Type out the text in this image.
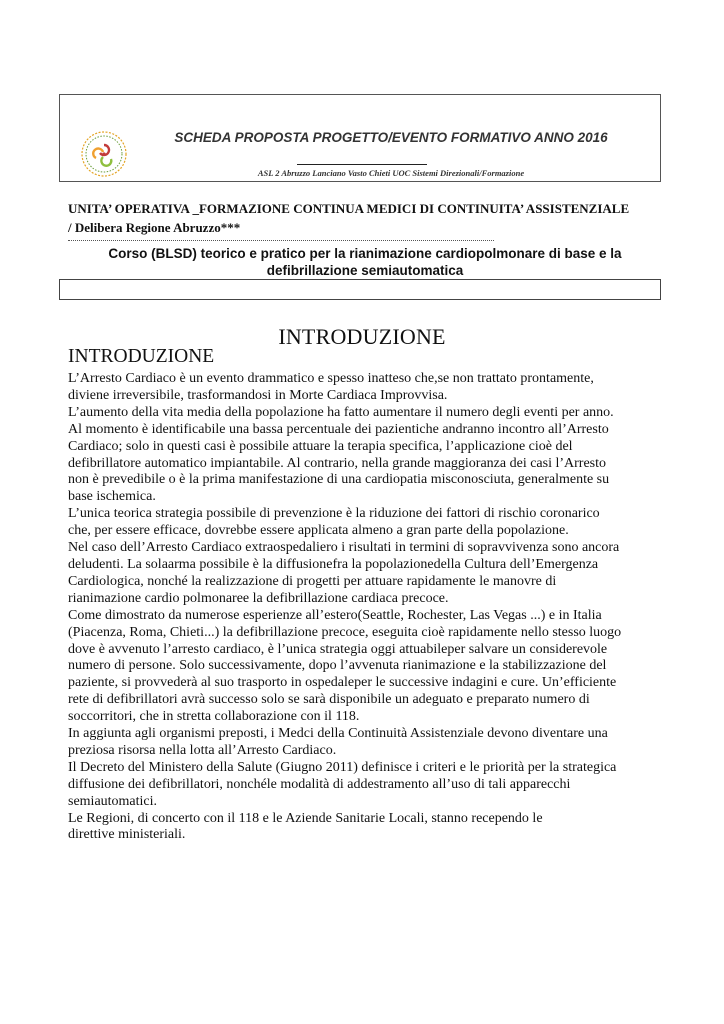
SCHEDA PROPOSTA PROGETTO/EVENTO FORMATIVO ANNO 2016
ASL 2 Abruzzo Lanciano Vasto Chieti UOC Sistemi Direzionali/Formazione
UNITA’ OPERATIVA _FORMAZIONE CONTINUA MEDICI DI CONTINUITA’ ASSISTENZIALE
/ Delibera Regione Abruzzo***
Corso (BLSD) teorico e pratico per la rianimazione cardiopolmonare di base e la
defibrillazione semiautomatica
INTRODUZIONE
INTRODUZIONE
L’Arresto Cardiaco è un evento drammatico e spesso inatteso che,se non trattato prontamente,
diviene irreversibile, trasformandosi in Morte Cardiaca Improvvisa.
L’aumento della vita media della popolazione ha fatto aumentare il numero degli eventi per anno.
Al momento è identificabile una bassa percentuale dei pazientiche andranno incontro all’Arresto
Cardiaco; solo in questi casi è possibile attuare la terapia specifica, l’applicazione cioè del
defibrillatore automatico impiantabile. Al contrario, nella grande maggioranza dei casi l’Arresto
non è prevedibile o è la prima manifestazione di una cardiopatia misconosciuta, generalmente su
base ischemica.
L’unica teorica strategia possibile di prevenzione è la riduzione dei fattori di rischio coronarico
che, per essere efficace, dovrebbe essere applicata almeno a gran parte della popolazione.
Nel caso dell’Arresto Cardiaco extraospedaliero i risultati in termini di sopravvivenza sono ancora
deludenti. La solaarma possibile è la diffusionefra la popolazionedella Cultura dell’Emergenza
Cardiologica, nonché la realizzazione di progetti per attuare rapidamente le manovre di
rianimazione cardio polmonaree la defibrillazione cardiaca precoce.
Come dimostrato da numerose esperienze all’estero(Seattle, Rochester, Las Vegas ...) e in Italia
(Piacenza, Roma, Chieti...) la defibrillazione precoce, eseguita cioè rapidamente nello stesso luogo
dove è avvenuto l’arresto cardiaco, è l’unica strategia oggi attuabileper salvare un considerevole
numero di persone. Solo successivamente, dopo l’avvenuta rianimazione e la stabilizzazione del
paziente, si provvederà al suo trasporto in ospedaleper le successive indagini e cure. Un’efficiente
rete di defibrillatori avrà successo solo se sarà disponibile un adeguato e preparato numero di
soccorritori, che in stretta collaborazione con il 118.
In aggiunta agli organismi preposti, i Medci della Continuità Assistenziale devono diventare una
preziosa risorsa nella lotta all’Arresto Cardiaco.
Il Decreto del Ministero della Salute (Giugno 2011) definisce i criteri e le priorità per la strategica
diffusione dei defibrillatori, nonchéle modalità di addestramento all’uso di tali apparecchi
semiautomatici.
Le Regioni, di concerto con il 118 e le Aziende Sanitarie Locali, stanno recependo le
direttive ministeriali.
